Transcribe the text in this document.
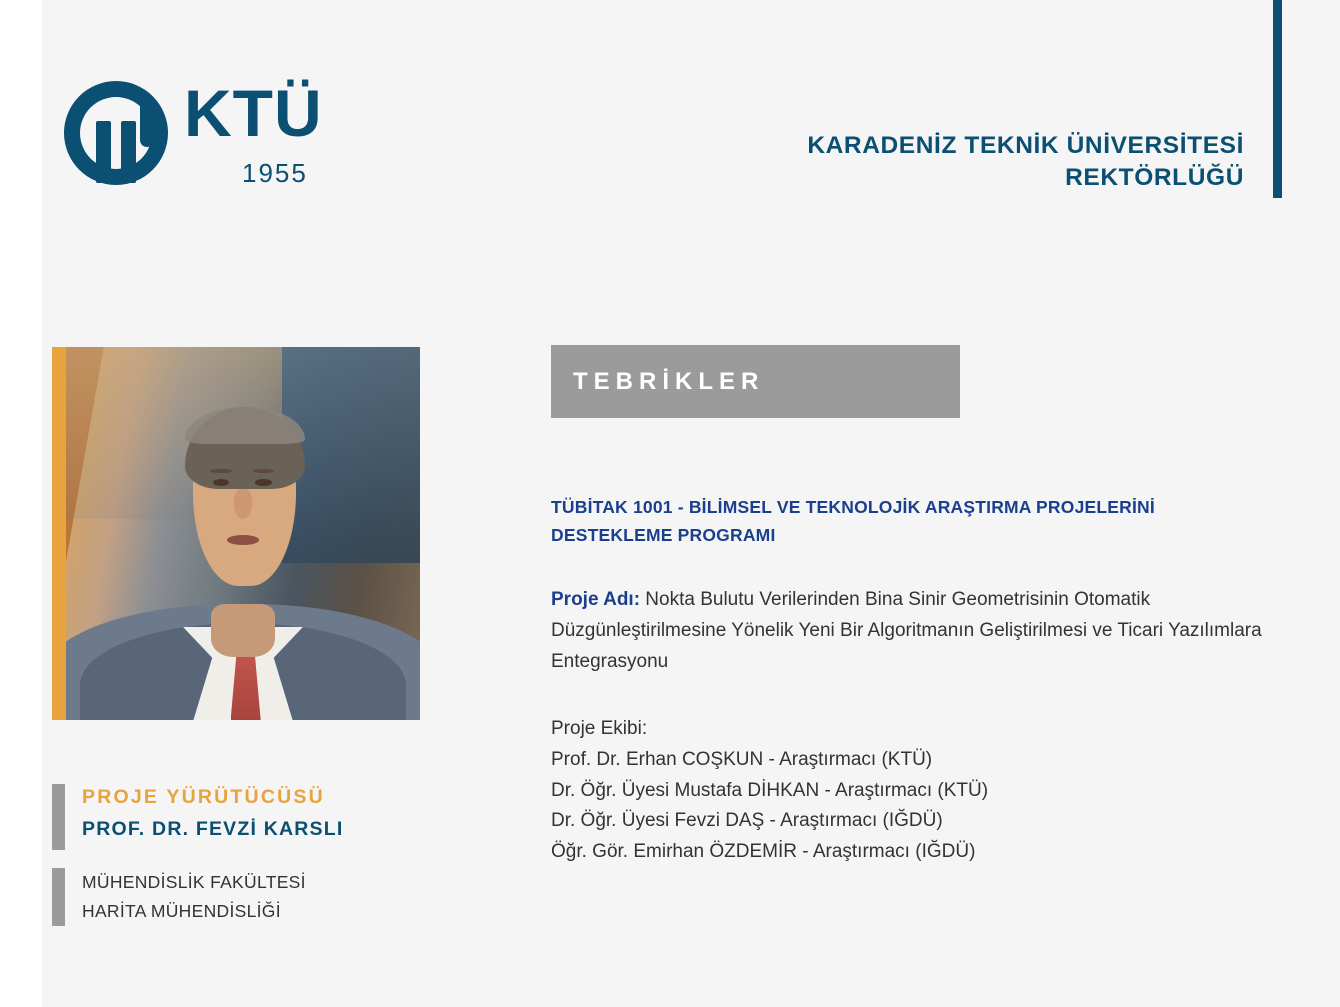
KTÜ
1955
KARADENİZ TEKNİK ÜNİVERSİTESİ
REKTÖRLÜĞÜ
PROJE YÜRÜTÜCÜSÜ
PROF. DR. FEVZİ KARSLI
MÜHENDİSLİK FAKÜLTESİ
HARİTA MÜHENDİSLİĞİ
TEBRİKLER
TÜBİTAK 1001 - BİLİMSEL VE TEKNOLOJİK ARAŞTIRMA PROJELERİNİ
DESTEKLEME PROGRAMI
Proje Adı: Nokta Bulutu Verilerinden Bina Sinir Geometrisinin Otomatik Düzgünleştirilmesine Yönelik Yeni Bir Algoritmanın Geliştirilmesi ve Ticari Yazılımlara Entegrasyonu
Proje Ekibi:
Prof. Dr. Erhan COŞKUN - Araştırmacı (KTÜ)
Dr. Öğr. Üyesi Mustafa DİHKAN - Araştırmacı (KTÜ)
Dr. Öğr. Üyesi Fevzi DAŞ - Araştırmacı (IĞDÜ)
Öğr. Gör. Emirhan ÖZDEMİR - Araştırmacı (IĞDÜ)
